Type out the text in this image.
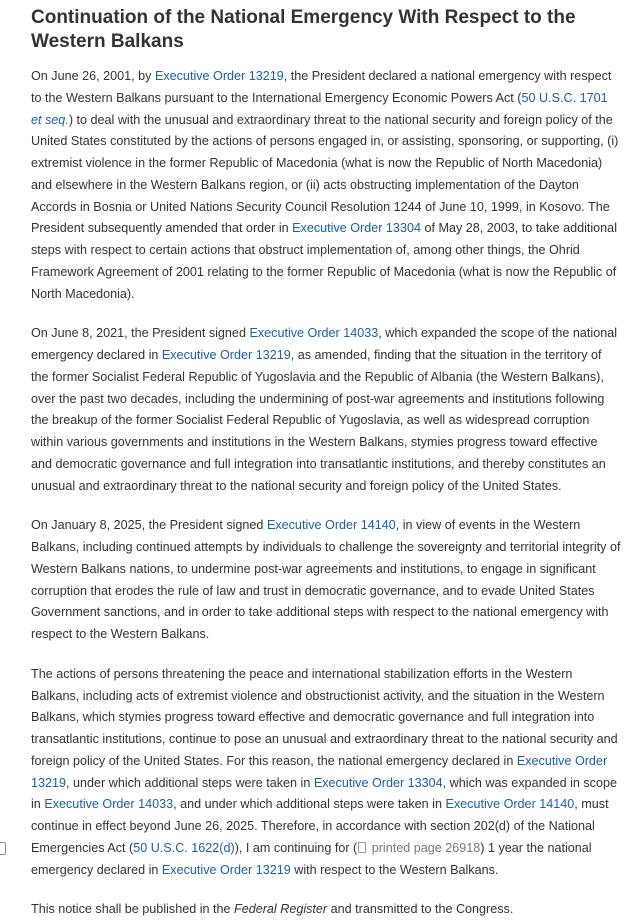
Continuation of the National Emergency With Respect to the Western Balkans

On June 26, 2001, by Executive Order 13219, the President declared a national emergency with respect to the Western Balkans pursuant to the International Emergency Economic Powers Act (50 U.S.C. 1701 et seq.) to deal with the unusual and extraordinary threat to the national security and foreign policy of the United States constituted by the actions of persons engaged in, or assisting, sponsoring, or supporting, (i) extremist violence in the former Republic of Macedonia (what is now the Republic of North Macedonia) and elsewhere in the Western Balkans region, or (ii) acts obstructing implementation of the Dayton Accords in Bosnia or United Nations Security Council Resolution 1244 of June 10, 1999, in Kosovo. The President subsequently amended that order in Executive Order 13304 of May 28, 2003, to take additional steps with respect to certain actions that obstruct implementation of, among other things, the Ohrid Framework Agreement of 2001 relating to the former Republic of Macedonia (what is now the Republic of North Macedonia).

On June 8, 2021, the President signed Executive Order 14033, which expanded the scope of the national emergency declared in Executive Order 13219, as amended, finding that the situation in the territory of the former Socialist Federal Republic of Yugoslavia and the Republic of Albania (the Western Balkans), over the past two decades, including the undermining of post-war agreements and institutions following the breakup of the former Socialist Federal Republic of Yugoslavia, as well as widespread corruption within various governments and institutions in the Western Balkans, stymies progress toward effective and democratic governance and full integration into transatlantic institutions, and thereby constitutes an unusual and extraordinary threat to the national security and foreign policy of the United States.

On January 8, 2025, the President signed Executive Order 14140, in view of events in the Western Balkans, including continued attempts by individuals to challenge the sovereignty and territorial integrity of Western Balkans nations, to undermine post-war agreements and institutions, to engage in significant corruption that erodes the rule of law and trust in democratic governance, and to evade United States Government sanctions, and in order to take additional steps with respect to the national emergency with respect to the Western Balkans.

The actions of persons threatening the peace and international stabilization efforts in the Western Balkans, including acts of extremist violence and obstructionist activity, and the situation in the Western Balkans, which stymies progress toward effective and democratic governance and full integration into transatlantic institutions, continue to pose an unusual and extraordinary threat to the national security and foreign policy of the United States. For this reason, the national emergency declared in Executive Order 13219, under which additional steps were taken in Executive Order 13304, which was expanded in scope in Executive Order 14033, and under which additional steps were taken in Executive Order 14140, must continue in effect beyond June 26, 2025. Therefore, in accordance with section 202(d) of the National Emergencies Act (50 U.S.C. 1622(d)), I am continuing for ( printed page 26918) 1 year the national emergency declared in Executive Order 13219 with respect to the Western Balkans.

This notice shall be published in the Federal Register and transmitted to the Congress.
